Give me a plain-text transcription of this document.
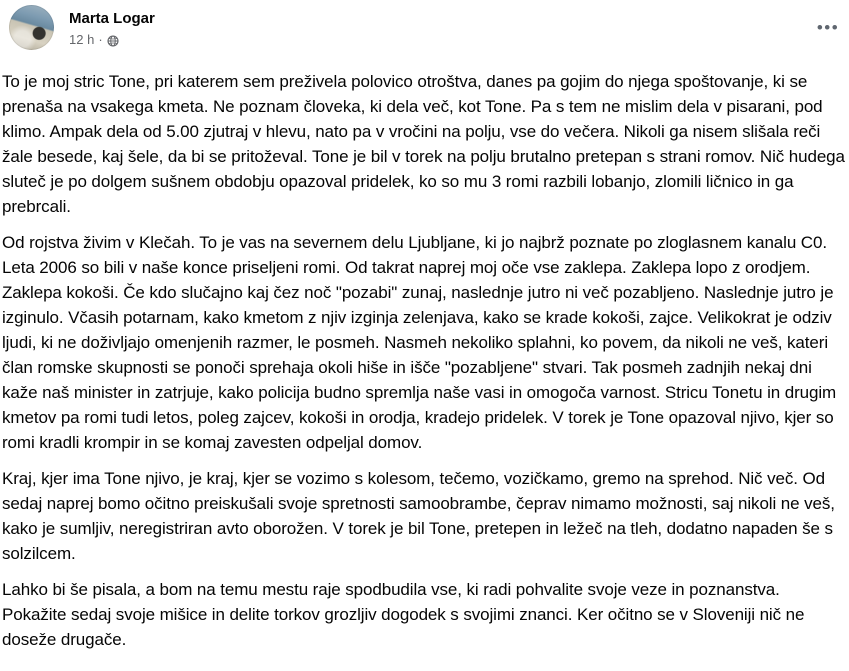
Marta Logar
12 h ·
•••

To je moj stric Tone, pri katerem sem preživela polovico otroštva, danes pa gojim do njega spoštovanje, ki se prenaša na vsakega kmeta. Ne poznam človeka, ki dela več, kot Tone. Pa s tem ne mislim dela v pisarani, pod klimo. Ampak dela od 5.00 zjutraj v hlevu, nato pa v vročini na polju, vse do večera. Nikoli ga nisem slišala reči žale besede, kaj šele, da bi se pritoževal. Tone je bil v torek na polju brutalno pretepan s strani romov. Nič hudega sluteč je po dolgem sušnem obdobju opazoval pridelek, ko so mu 3 romi razbili lobanjo, zlomili ličnico in ga prebrcali.

Od rojstva živim v Klečah. To je vas na severnem delu Ljubljane, ki jo najbrž poznate po zloglasnem kanalu C0. Leta 2006 so bili v naše konce priseljeni romi. Od takrat naprej moj oče vse zaklepa. Zaklepa lopo z orodjem. Zaklepa kokoši. Če kdo slučajno kaj čez noč "pozabi" zunaj, naslednje jutro ni več pozabljeno. Naslednje jutro je izginulo. Včasih potarnam, kako kmetom z njiv izginja zelenjava, kako se krade kokoši, zajce. Velikokrat je odziv ljudi, ki ne doživljajo omenjenih razmer, le posmeh. Nasmeh nekoliko splahni, ko povem, da nikoli ne veš, kateri član romske skupnosti se ponoči sprehaja okoli hiše in išče "pozabljene" stvari. Tak posmeh zadnjih nekaj dni kaže naš minister in zatrjuje, kako policija budno spremlja naše vasi in omogoča varnost. Stricu Tonetu in drugim kmetov pa romi tudi letos, poleg zajcev, kokoši in orodja, kradejo pridelek. V torek je Tone opazoval njivo, kjer so romi kradli krompir in se komaj zavesten odpeljal domov.

Kraj, kjer ima Tone njivo, je kraj, kjer se vozimo s kolesom, tečemo, vozičkamo, gremo na sprehod. Nič več. Od sedaj naprej bomo očitno preiskušali svoje spretnosti samoobrambe, čeprav nimamo možnosti, saj nikoli ne veš, kako je sumljiv, neregistriran avto oborožen. V torek je bil Tone, pretepen in ležeč na tleh, dodatno napaden še s solzilcem.

Lahko bi še pisala, a bom na temu mestu raje spodbudila vse, ki radi pohvalite svoje veze in poznanstva. Pokažite sedaj svoje mišice in delite torkov grozljiv dogodek s svojimi znanci. Ker očitno se v Sloveniji nič ne doseže drugače.
